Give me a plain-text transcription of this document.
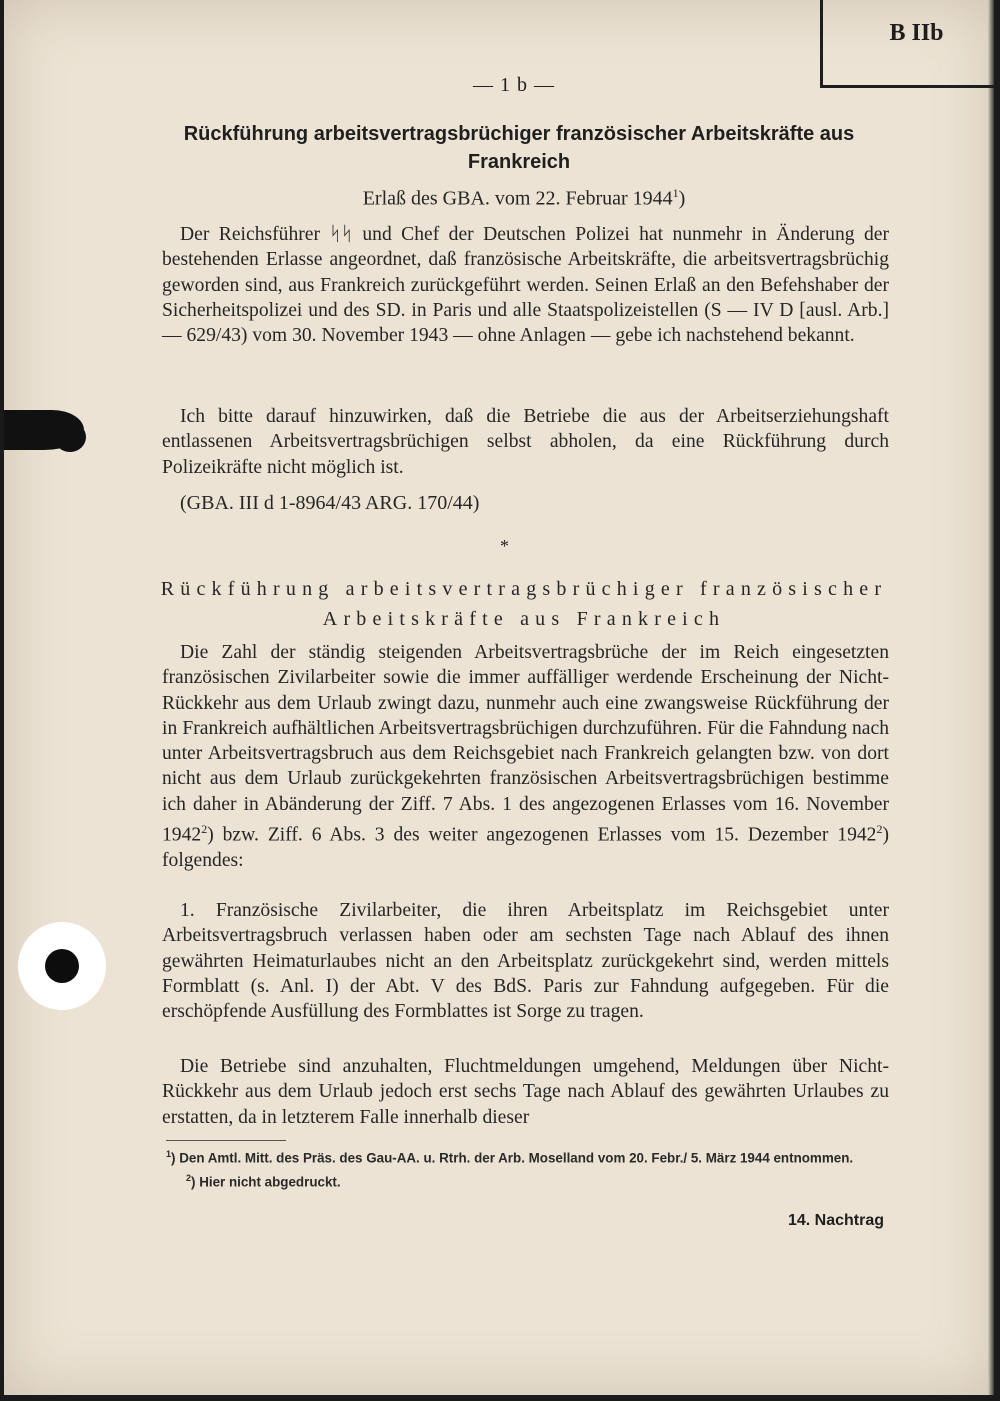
B IIb
— 1 b —
Rückführung arbeitsvertragsbrüchiger französischer Arbeitskräfte aus Frankreich
Erlaß des GBA. vom 22. Februar 1944$^1$)

Der Reichsführer ᛋᛋ und Chef der Deutschen Polizei hat nunmehr in Änderung der bestehenden Erlasse angeordnet, daß französische Arbeitskräfte, die arbeitsvertragsbrüchig geworden sind, aus Frankreich zurückgeführt werden. Seinen Erlaß an den Befehshaber der Sicherheitspolizei und des SD. in Paris und alle Staatspolizeistellen (S — IV D [ausl. Arb.] — 629/43) vom 30. November 1943 — ohne Anlagen — gebe ich nachstehend bekannt.

Ich bitte darauf hinzuwirken, daß die Betriebe die aus der Arbeitserziehungshaft entlassenen Arbeitsvertragsbrüchigen selbst abholen, da eine Rückführung durch Polizeikräfte nicht möglich ist.

(GBA. III d 1-8964/43 ARG. 170/44)
*
Rückführung arbeitsvertragsbrüchiger französischer Arbeitskräfte aus Frankreich

Die Zahl der ständig steigenden Arbeitsvertragsbrüche der im Reich eingesetzten französischen Zivilarbeiter sowie die immer auffälliger werdende Erscheinung der Nicht-Rückkehr aus dem Urlaub zwingt dazu, nunmehr auch eine zwangsweise Rückführung der in Frankreich aufhältlichen Arbeitsvertragsbrüchigen durchzuführen. Für die Fahndung nach unter Arbeitsvertragsbruch aus dem Reichsgebiet nach Frankreich gelangten bzw. von dort nicht aus dem Urlaub zurückgekehrten französischen Arbeitsvertragsbrüchigen bestimme ich daher in Abänderung der Ziff. 7 Abs. 1 des angezogenen Erlasses vom 16. November 1942$^2$) bzw. Ziff. 6 Abs. 3 des weiter angezogenen Erlasses vom 15. Dezember 1942$^2$) folgendes:

1. Französische Zivilarbeiter, die ihren Arbeitsplatz im Reichsgebiet unter Arbeitsvertragsbruch verlassen haben oder am sechsten Tage nach Ablauf des ihnen gewährten Heimaturlaubes nicht an den Arbeitsplatz zurückgekehrt sind, werden mittels Formblatt (s. Anl. I) der Abt. V des BdS. Paris zur Fahndung aufgegeben. Für die erschöpfende Ausfüllung des Formblattes ist Sorge zu tragen.

Die Betriebe sind anzuhalten, Fluchtmeldungen umgehend, Meldungen über Nicht-Rückkehr aus dem Urlaub jedoch erst sechs Tage nach Ablauf des gewährten Urlaubes zu erstatten, da in letzterem Falle innerhalb dieser

$^1$) Den Amtl. Mitt. des Präs. des Gau-AA. u. Rtrh. der Arb. Moselland vom 20. Febr./ 5. März 1944 entnommen.
$^2$) Hier nicht abgedruckt.
14. Nachtrag
